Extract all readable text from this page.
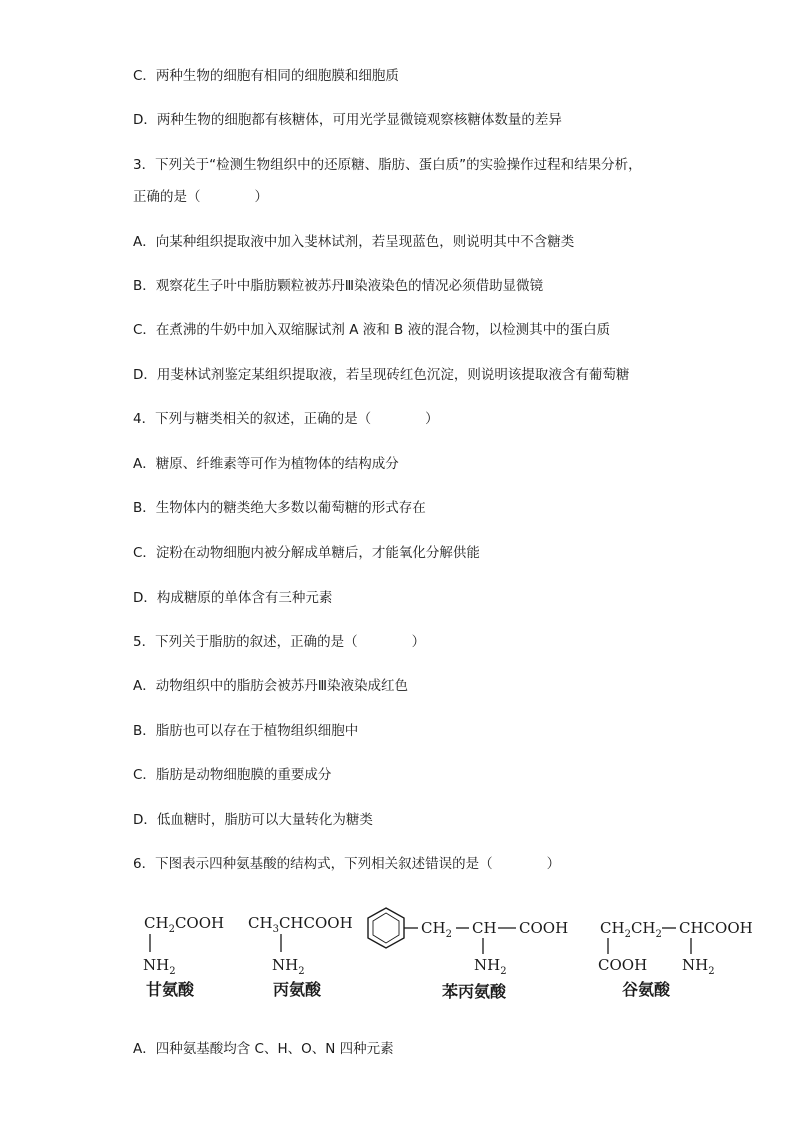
C．两种生物的细胞有相同的细胞膜和细胞质
D．两种生物的细胞都有核糖体，可用光学显微镜观察核糖体数量的差异
3．下列关于“检测生物组织中的还原糖、脂肪、蛋白质”的实验操作过程和结果分析，
正确的是（　　　　）
A．向某种组织提取液中加入斐林试剂，若呈现蓝色，则说明其中不含糖类
B．观察花生子叶中脂肪颗粒被苏丹Ⅲ染液染色的情况必须借助显微镜
C．在煮沸的牛奶中加入双缩脲试剂 A 液和 B 液的混合物，以检测其中的蛋白质
D．用斐林试剂鉴定某组织提取液，若呈现砖红色沉淀，则说明该提取液含有葡萄糖
4．下列与糖类相关的叙述，正确的是（　　　　）
A．糖原、纤维素等可作为植物体的结构成分
B．生物体内的糖类绝大多数以葡萄糖的形式存在
C．淀粉在动物细胞内被分解成单糖后，才能氧化分解供能
D．构成糖原的单体含有三种元素
5．下列关于脂肪的叙述，正确的是（　　　　）
A．动物组织中的脂肪会被苏丹Ⅲ染液染成红色
B．脂肪也可以存在于植物组织细胞中
C．脂肪是动物细胞膜的重要成分
D．低血糖时，脂肪可以大量转化为糖类
6．下图表示四种氨基酸的结构式，下列相关叙述错误的是（　　　　）
$CH_2COOH$
$NH_2$
甘氨酸
$CH_3CHCOOH$
$NH_2$
丙氨酸
$CH_2$ CH COOH
$NH_2$
苯丙氨酸
$CH_2CH_2$ CHCOOH
COOH $NH_2$
谷氨酸
A．四种氨基酸均含 C、H、O、N 四种元素
